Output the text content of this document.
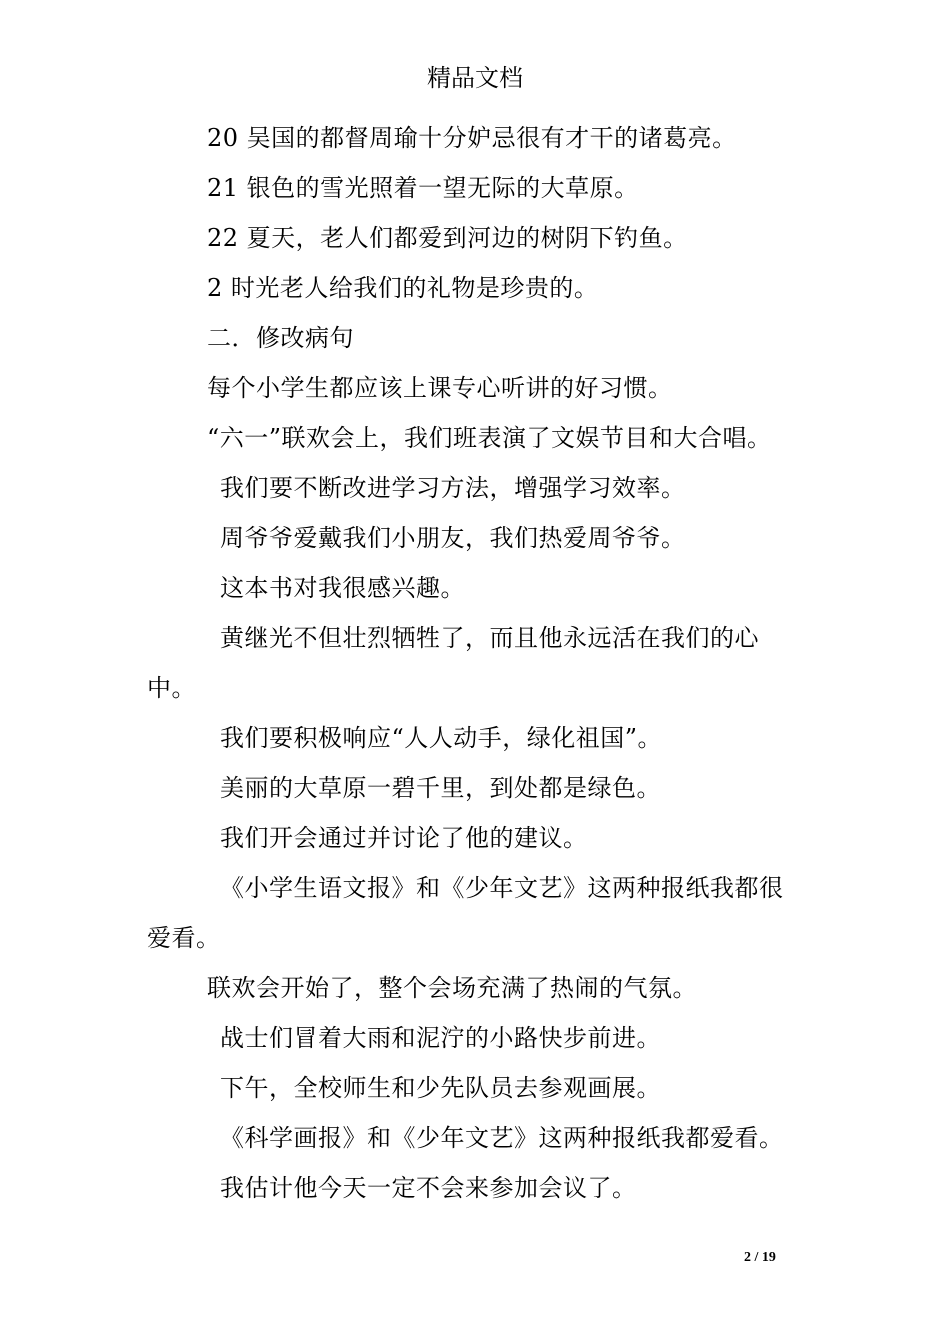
精品文档
20 吴国的都督周瑜十分妒忌很有才干的诸葛亮。
21 银色的雪光照着一望无际的大草原。
22 夏天，老人们都爱到河边的树阴下钓鱼。
2 时光老人给我们的礼物是珍贵的。
二．修改病句
每个小学生都应该上课专心听讲的好习惯。
“六一”联欢会上，我们班表演了文娱节目和大合唱。
我们要不断改进学习方法，增强学习效率。
周爷爷爱戴我们小朋友，我们热爱周爷爷。
这本书对我很感兴趣。
黄继光不但壮烈牺牲了，而且他永远活在我们的心
中。
我们要积极响应“人人动手，绿化祖国”。
美丽的大草原一碧千里，到处都是绿色。
我们开会通过并讨论了他的建议。
《小学生语文报》和《少年文艺》这两种报纸我都很
爱看。
联欢会开始了，整个会场充满了热闹的气氛。
战士们冒着大雨和泥泞的小路快步前进。
下午，全校师生和少先队员去参观画展。
《科学画报》和《少年文艺》这两种报纸我都爱看。
我估计他今天一定不会来参加会议了。
2 / 19
